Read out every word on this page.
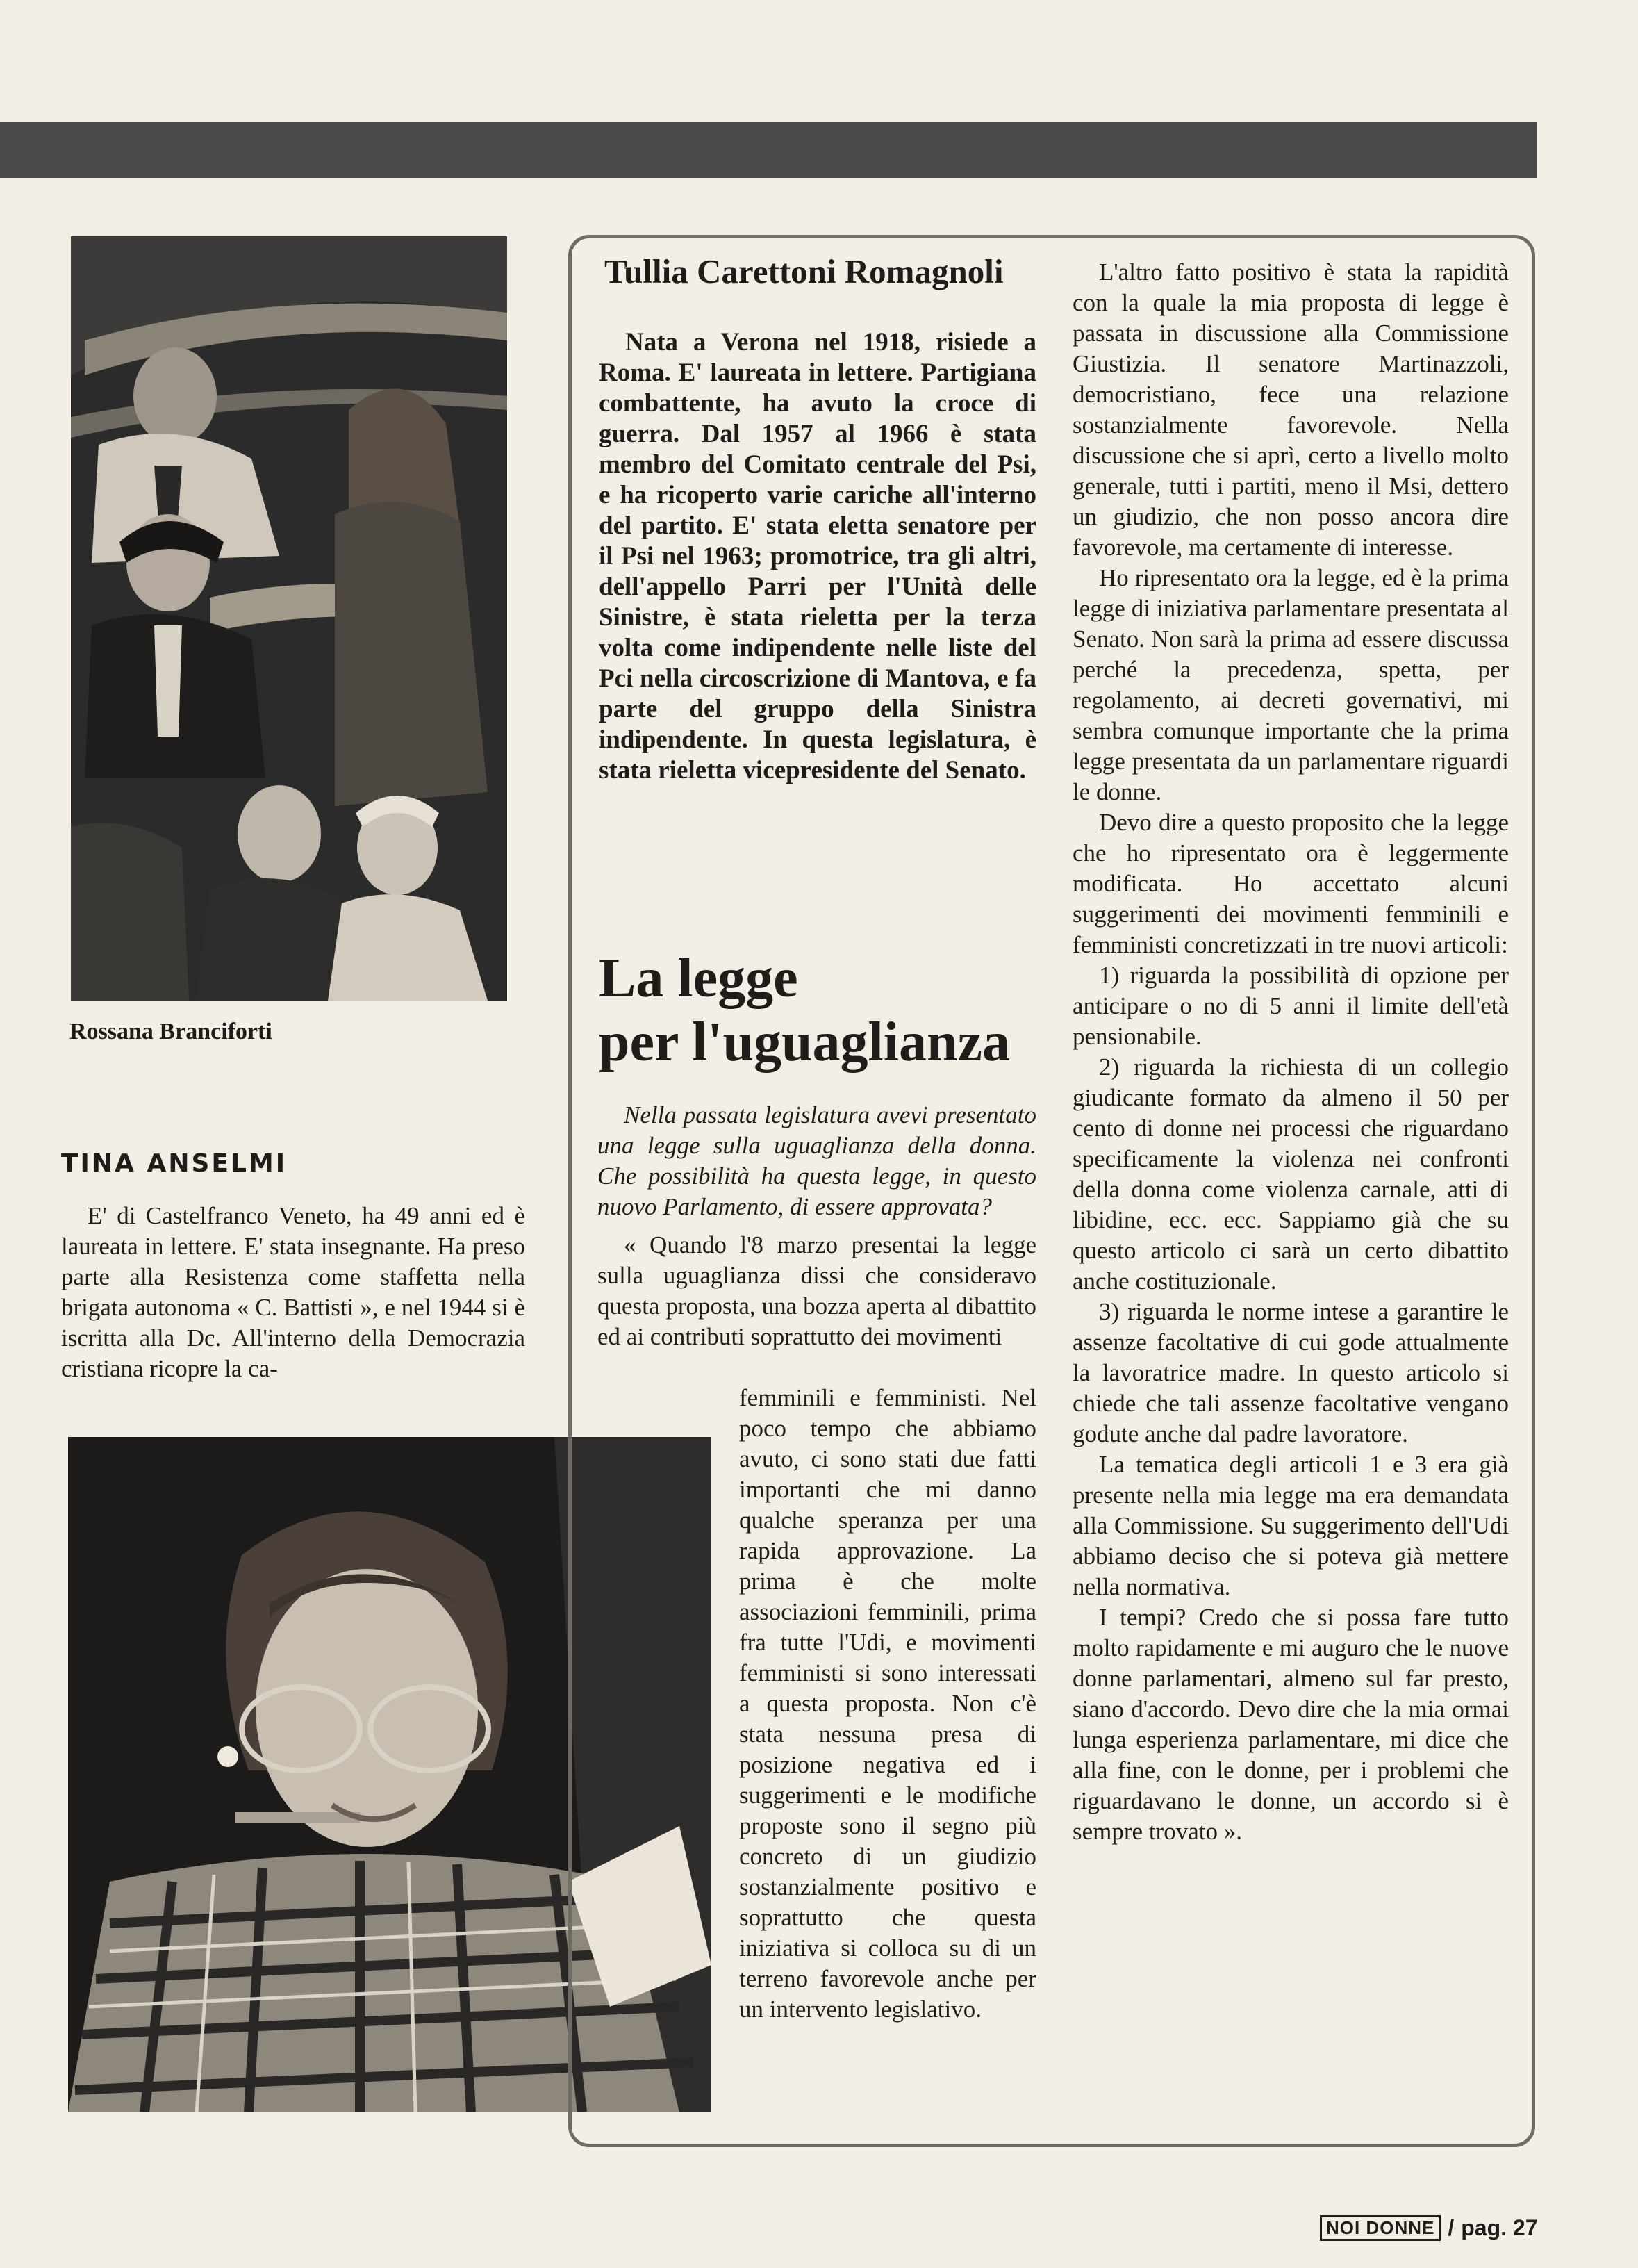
Rossana Branciforti
TINA ANSELMI

E' di Castelfranco Veneto, ha 49 anni ed è laureata in lettere. E' stata insegnante. Ha preso parte alla Resistenza come staffetta nella brigata autonoma « C. Battisti », e nel 1944 si è iscritta alla Dc. All'interno della Democrazia cristiana ricopre la ca-

Tullia Carettoni Romagnoli

Nata a Verona nel 1918, risiede a Roma. E' laureata in lettere. Partigiana combattente, ha avuto la croce di guerra. Dal 1957 al 1966 è stata membro del Comitato centrale del Psi, e ha ricoperto varie cariche all'interno del partito. E' stata eletta senatore per il Psi nel 1963; promotrice, tra gli altri, dell'appello Parri per l'Unità delle Sinistre, è stata rieletta per la terza volta come indipendente nelle liste del Pci nella circoscrizione di Mantova, e fa parte del gruppo della Sinistra indipendente. In questa legislatura, è stata rieletta vicepresidente del Senato.

La legge
per l'uguaglianza

Nella passata legislatura avevi presentato una legge sulla uguaglianza della donna. Che possibilità ha questa legge, in questo nuovo Parlamento, di essere approvata?

« Quando l'8 marzo presentai la legge sulla uguaglianza dissi che consideravo questa proposta, una bozza aperta al dibattito ed ai contributi soprattutto dei movimenti

femminili e femministi. Nel poco tempo che abbiamo avuto, ci sono stati due fatti importanti che mi danno qualche speranza per una rapida approvazione. La prima è che molte associazioni femminili, prima fra tutte l'Udi, e movimenti femministi si sono interessati a questa proposta. Non c'è stata nessuna presa di posizione negativa ed i suggerimenti e le modifiche proposte sono il segno più concreto di un giudizio sostanzialmente positivo e soprattutto che questa iniziativa si colloca su di un terreno favorevole anche per un intervento legislativo.

L'altro fatto positivo è stata la rapidità con la quale la mia proposta di legge è passata in discussione alla Commissione Giustizia. Il senatore Martinazzoli, democristiano, fece una relazione sostanzialmente favorevole. Nella discussione che si aprì, certo a livello molto generale, tutti i partiti, meno il Msi, dettero un giudizio, che non posso ancora dire favorevole, ma certamente di interesse.

Ho ripresentato ora la legge, ed è la prima legge di iniziativa parlamentare presentata al Senato. Non sarà la prima ad essere discussa perché la precedenza, spetta, per regolamento, ai decreti governativi, mi sembra comunque importante che la prima legge presentata da un parlamentare riguardi le donne.

Devo dire a questo proposito che la legge che ho ripresentato ora è leggermente modificata. Ho accettato alcuni suggerimenti dei movimenti femminili e femministi concretizzati in tre nuovi articoli:

1) riguarda la possibilità di opzione per anticipare o no di 5 anni il limite dell'età pensionabile.

2) riguarda la richiesta di un collegio giudicante formato da almeno il 50 per cento di donne nei processi che riguardano specificamente la violenza nei confronti della donna come violenza carnale, atti di libidine, ecc. ecc. Sappiamo già che su questo articolo ci sarà un certo dibattito anche costituzionale.

3) riguarda le norme intese a garantire le assenze facoltative di cui gode attualmente la lavoratrice madre. In questo articolo si chiede che tali assenze facoltative vengano godute anche dal padre lavoratore.

La tematica degli articoli 1 e 3 era già presente nella mia legge ma era demandata alla Commissione. Su suggerimento dell'Udi abbiamo deciso che si poteva già mettere nella normativa.

I tempi? Credo che si possa fare tutto molto rapidamente e mi auguro che le nuove donne parlamentari, almeno sul far presto, siano d'accordo. Devo dire che la mia ormai lunga esperienza parlamentare, mi dice che alla fine, con le donne, per i problemi che riguardavano le donne, un accordo si è sempre trovato ».

NOI DONNE / pag. 27
